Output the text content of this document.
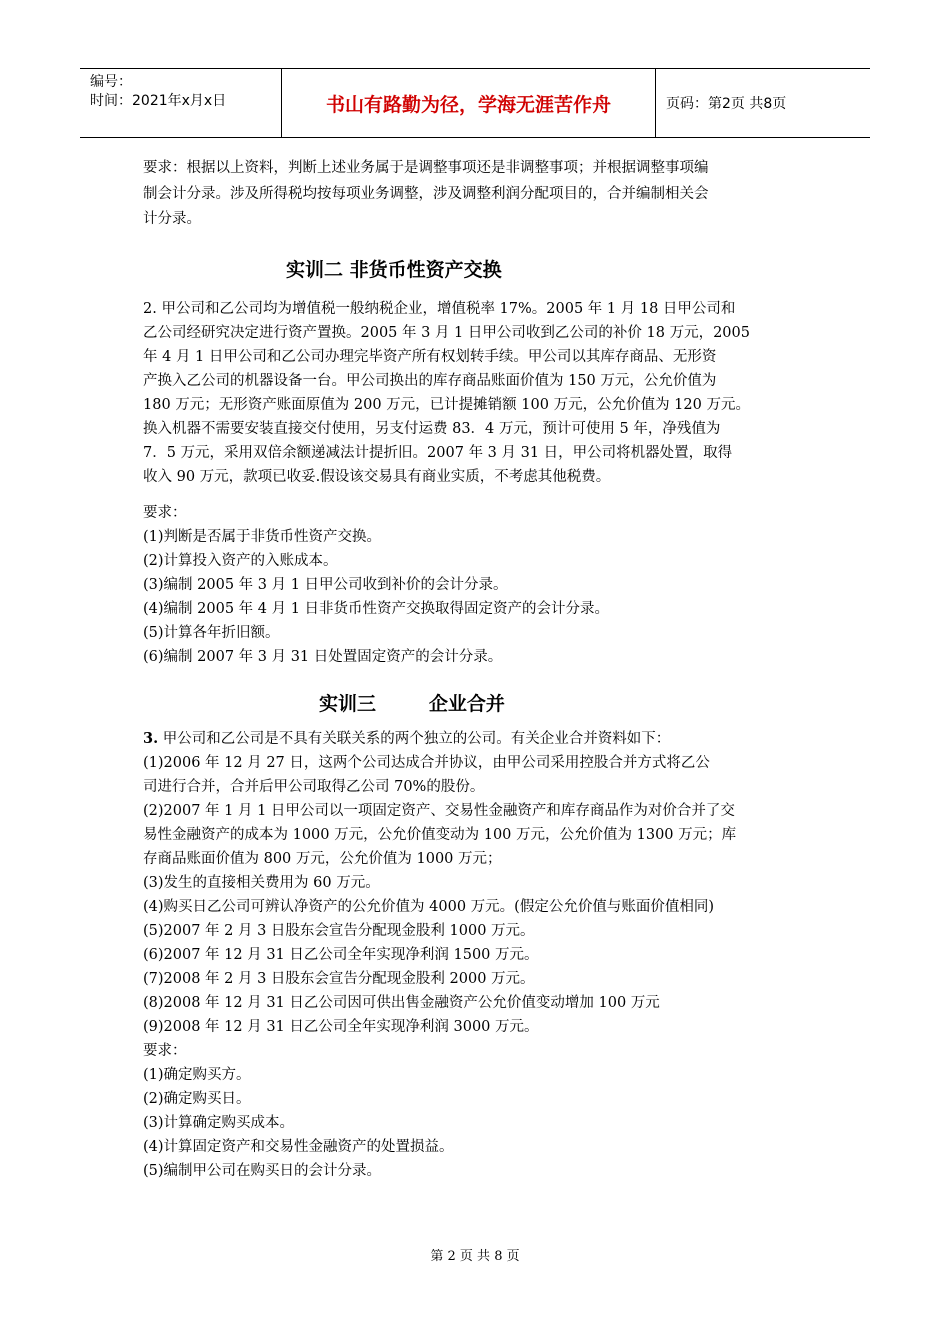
编号：
时间：2021年x月x日	书山有路勤为径，学海无涯苦作舟	页码：第2页 共8页

要求：根据以上资料，判断上述业务属于是调整事项还是非调整事项；并根据调整事项编

制会计分录。涉及所得税均按每项业务调整，涉及调整利润分配项目的，合并编制相关会

计分录。

实训二 非货币性资产交换

2. 甲公司和乙公司均为增值税一般纳税企业，增值税率 17%。2005 年 1 月 18 日甲公司和

乙公司经研究决定进行资产置换。2005 年 3 月 1 日甲公司收到乙公司的补价 18 万元，2005

年 4 月 1 日甲公司和乙公司办理完毕资产所有权划转手续。甲公司以其库存商品、无形资

产换入乙公司的机器设备一台。甲公司换出的库存商品账面价值为 150 万元，公允价值为

180 万元；无形资产账面原值为 200 万元，已计提摊销额 100 万元，公允价值为 120 万元。

换入机器不需要安装直接交付使用，另支付运费 83．4 万元，预计可使用 5 年，净残值为

7．5 万元，采用双倍余额递减法计提折旧。2007 年 3 月 31 日，甲公司将机器处置，取得

收入 90 万元，款项已收妥.假设该交易具有商业实质，不考虑其他税费。

要求：

(1)判断是否属于非货币性资产交换。

(2)计算投入资产的入账成本。

(3)编制 2005 年 3 月 1 日甲公司收到补价的会计分录。

(4)编制 2005 年 4 月 1 日非货币性资产交换取得固定资产的会计分录。

(5)计算各年折旧额。

(6)编制 2007 年 3 月 31 日处置固定资产的会计分录。

实训三        企业合并

3. 甲公司和乙公司是不具有关联关系的两个独立的公司。有关企业合并资料如下：

(1)2006 年 12 月 27 日，这两个公司达成合并协议，由甲公司采用控股合并方式将乙公

司进行合并，合并后甲公司取得乙公司 70%的股份。

(2)2007 年 1 月 1 日甲公司以一项固定资产、交易性金融资产和库存商品作为对价合并了交

易性金融资产的成本为 1000 万元，公允价值变动为 100 万元，公允价值为 1300 万元；库

存商品账面价值为 800 万元，公允价值为 1000 万元；

(3)发生的直接相关费用为 60 万元。

(4)购买日乙公司可辨认净资产的公允价值为 4000 万元。(假定公允价值与账面价值相同)

(5)2007 年 2 月 3 日股东会宣告分配现金股利 1000 万元。

(6)2007 年 12 月 31 日乙公司全年实现净利润 1500 万元。

(7)2008 年 2 月 3 日股东会宣告分配现金股利 2000 万元。

(8)2008 年 12 月 31 日乙公司因可供出售金融资产公允价值变动增加 100 万元

(9)2008 年 12 月 31 日乙公司全年实现净利润 3000 万元。

要求：

(1)确定购买方。

(2)确定购买日。

(3)计算确定购买成本。

(4)计算固定资产和交易性金融资产的处置损益。

(5)编制甲公司在购买日的会计分录。

第 2 页 共 8 页
